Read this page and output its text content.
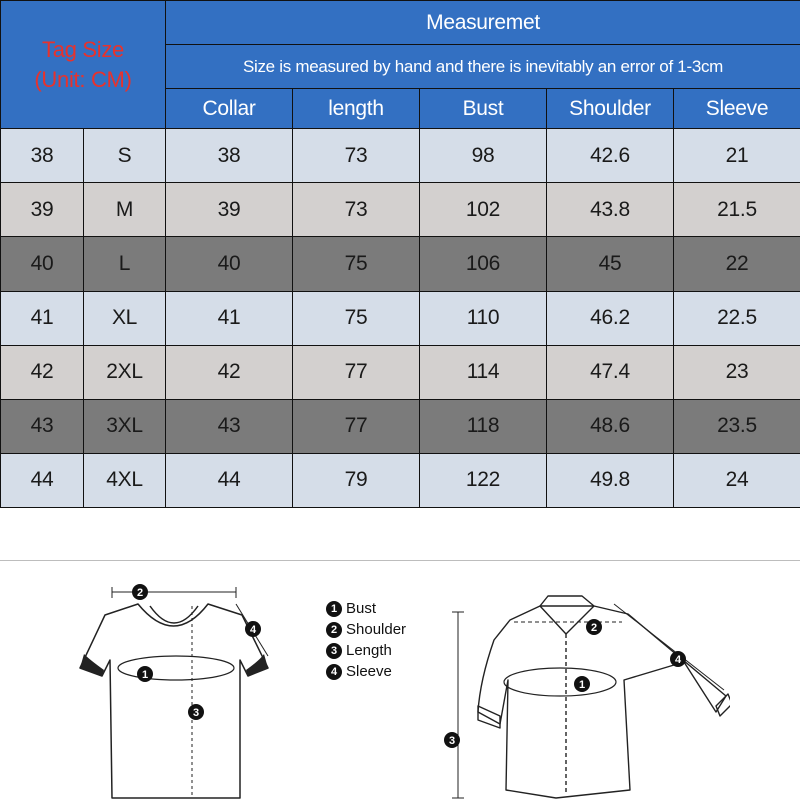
Tag Size
(Unit: CM)		Measuremet				
		Size is measured by hand and there is inevitably an error of 1-3cm				
		Collar	length	Bust	Shoulder	Sleeve
38	S	38	73	98	42.6	21
39	M	39	73	102	43.8	21.5
40	L	40	75	106	45	22
41	XL	41	75	110	46.2	22.5
42	2XL	42	77	114	47.4	23
43	3XL	43	77	118	48.6	23.5
44	4XL	44	79	122	49.8	24
1
2
3
4
1 Bust
2 Shoulder
3 Length
4 Sleeve
1
2
3
4
